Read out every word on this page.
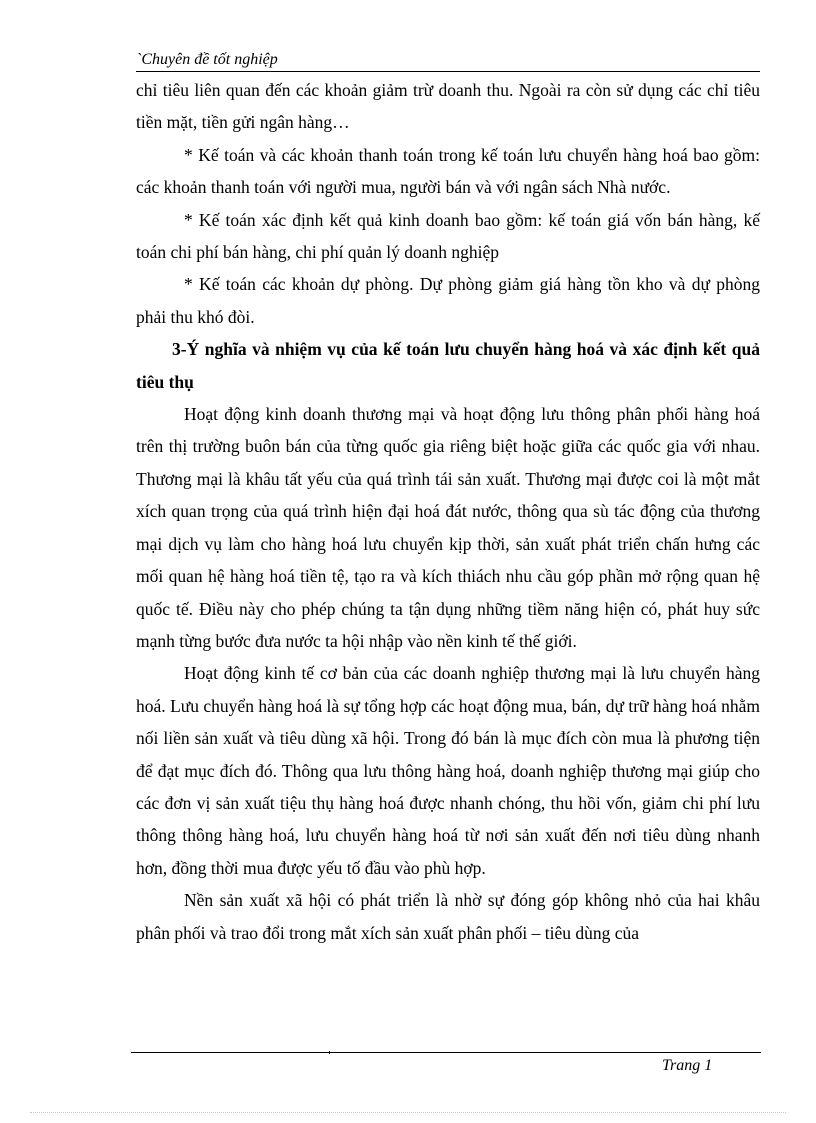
`Chuyên đề tốt nghiệp

chỉ tiêu liên quan đến các khoản giảm trừ doanh thu. Ngoài ra còn sử dụng các chỉ tiêu tiền mặt, tiền gửi ngân hàng…

* Kế toán và các khoản thanh toán trong kế toán lưu chuyển hàng hoá bao gồm: các khoản thanh toán với người mua, người bán và với ngân sách Nhà nước.

* Kế toán xác định kết quả kinh doanh bao gồm: kế toán giá vốn bán hàng, kế toán chi phí bán hàng, chi phí quản lý doanh nghiệp

* Kế toán các khoản dự phòng. Dự phòng giảm giá hàng tồn kho và dự phòng phải thu khó đòi.

3-Ý nghĩa và nhiệm vụ của kế toán lưu chuyển hàng hoá và xác định kết quả tiêu thụ

Hoạt động kinh doanh thương mại và hoạt động lưu thông phân phối hàng hoá trên thị trường buôn bán của từng quốc gia riêng biệt hoặc giữa các quốc gia với nhau. Thương mại là khâu tất yếu của quá trình tái sản xuất. Thương mại được coi là một mắt xích quan trọng của quá trình hiện đại hoá đát nước, thông qua sù tác động của thương mại dịch vụ làm cho hàng hoá lưu chuyển kịp thời, sản xuất phát triển chấn hưng các mối quan hệ hàng hoá tiền tệ, tạo ra và kích thiách nhu cầu góp phần mở rộng quan hệ quốc tế. Điều này cho phép chúng ta tận dụng những tiềm năng hiện có, phát huy sức mạnh từng bước đưa nước ta hội nhập vào nền kinh tế thế giới.

Hoạt động kinh tế cơ bản của các doanh nghiệp thương mại là lưu chuyển hàng hoá. Lưu chuyển hàng hoá là sự tổng hợp các hoạt động mua, bán, dự trữ hàng hoá nhằm nối liền sản xuất và tiêu dùng xã hội. Trong đó bán là mục đích còn mua là phương tiện để đạt mục đích đó. Thông qua lưu thông hàng hoá, doanh nghiệp thương mại giúp cho các đơn vị sản xuất tiệu thụ hàng hoá được nhanh chóng, thu hồi vốn, giảm chi phí lưu thông thông hàng hoá, lưu chuyển hàng hoá từ nơi sản xuất đến nơi tiêu dùng nhanh hơn, đồng thời mua được yếu tố đầu vào phù hợp.

Nền sản xuất xã hội có phát triển là nhờ sự đóng góp không nhỏ của hai khâu phân phối và trao đổi trong mắt xích sản xuất phân phối – tiêu dùng của

Trang 1
